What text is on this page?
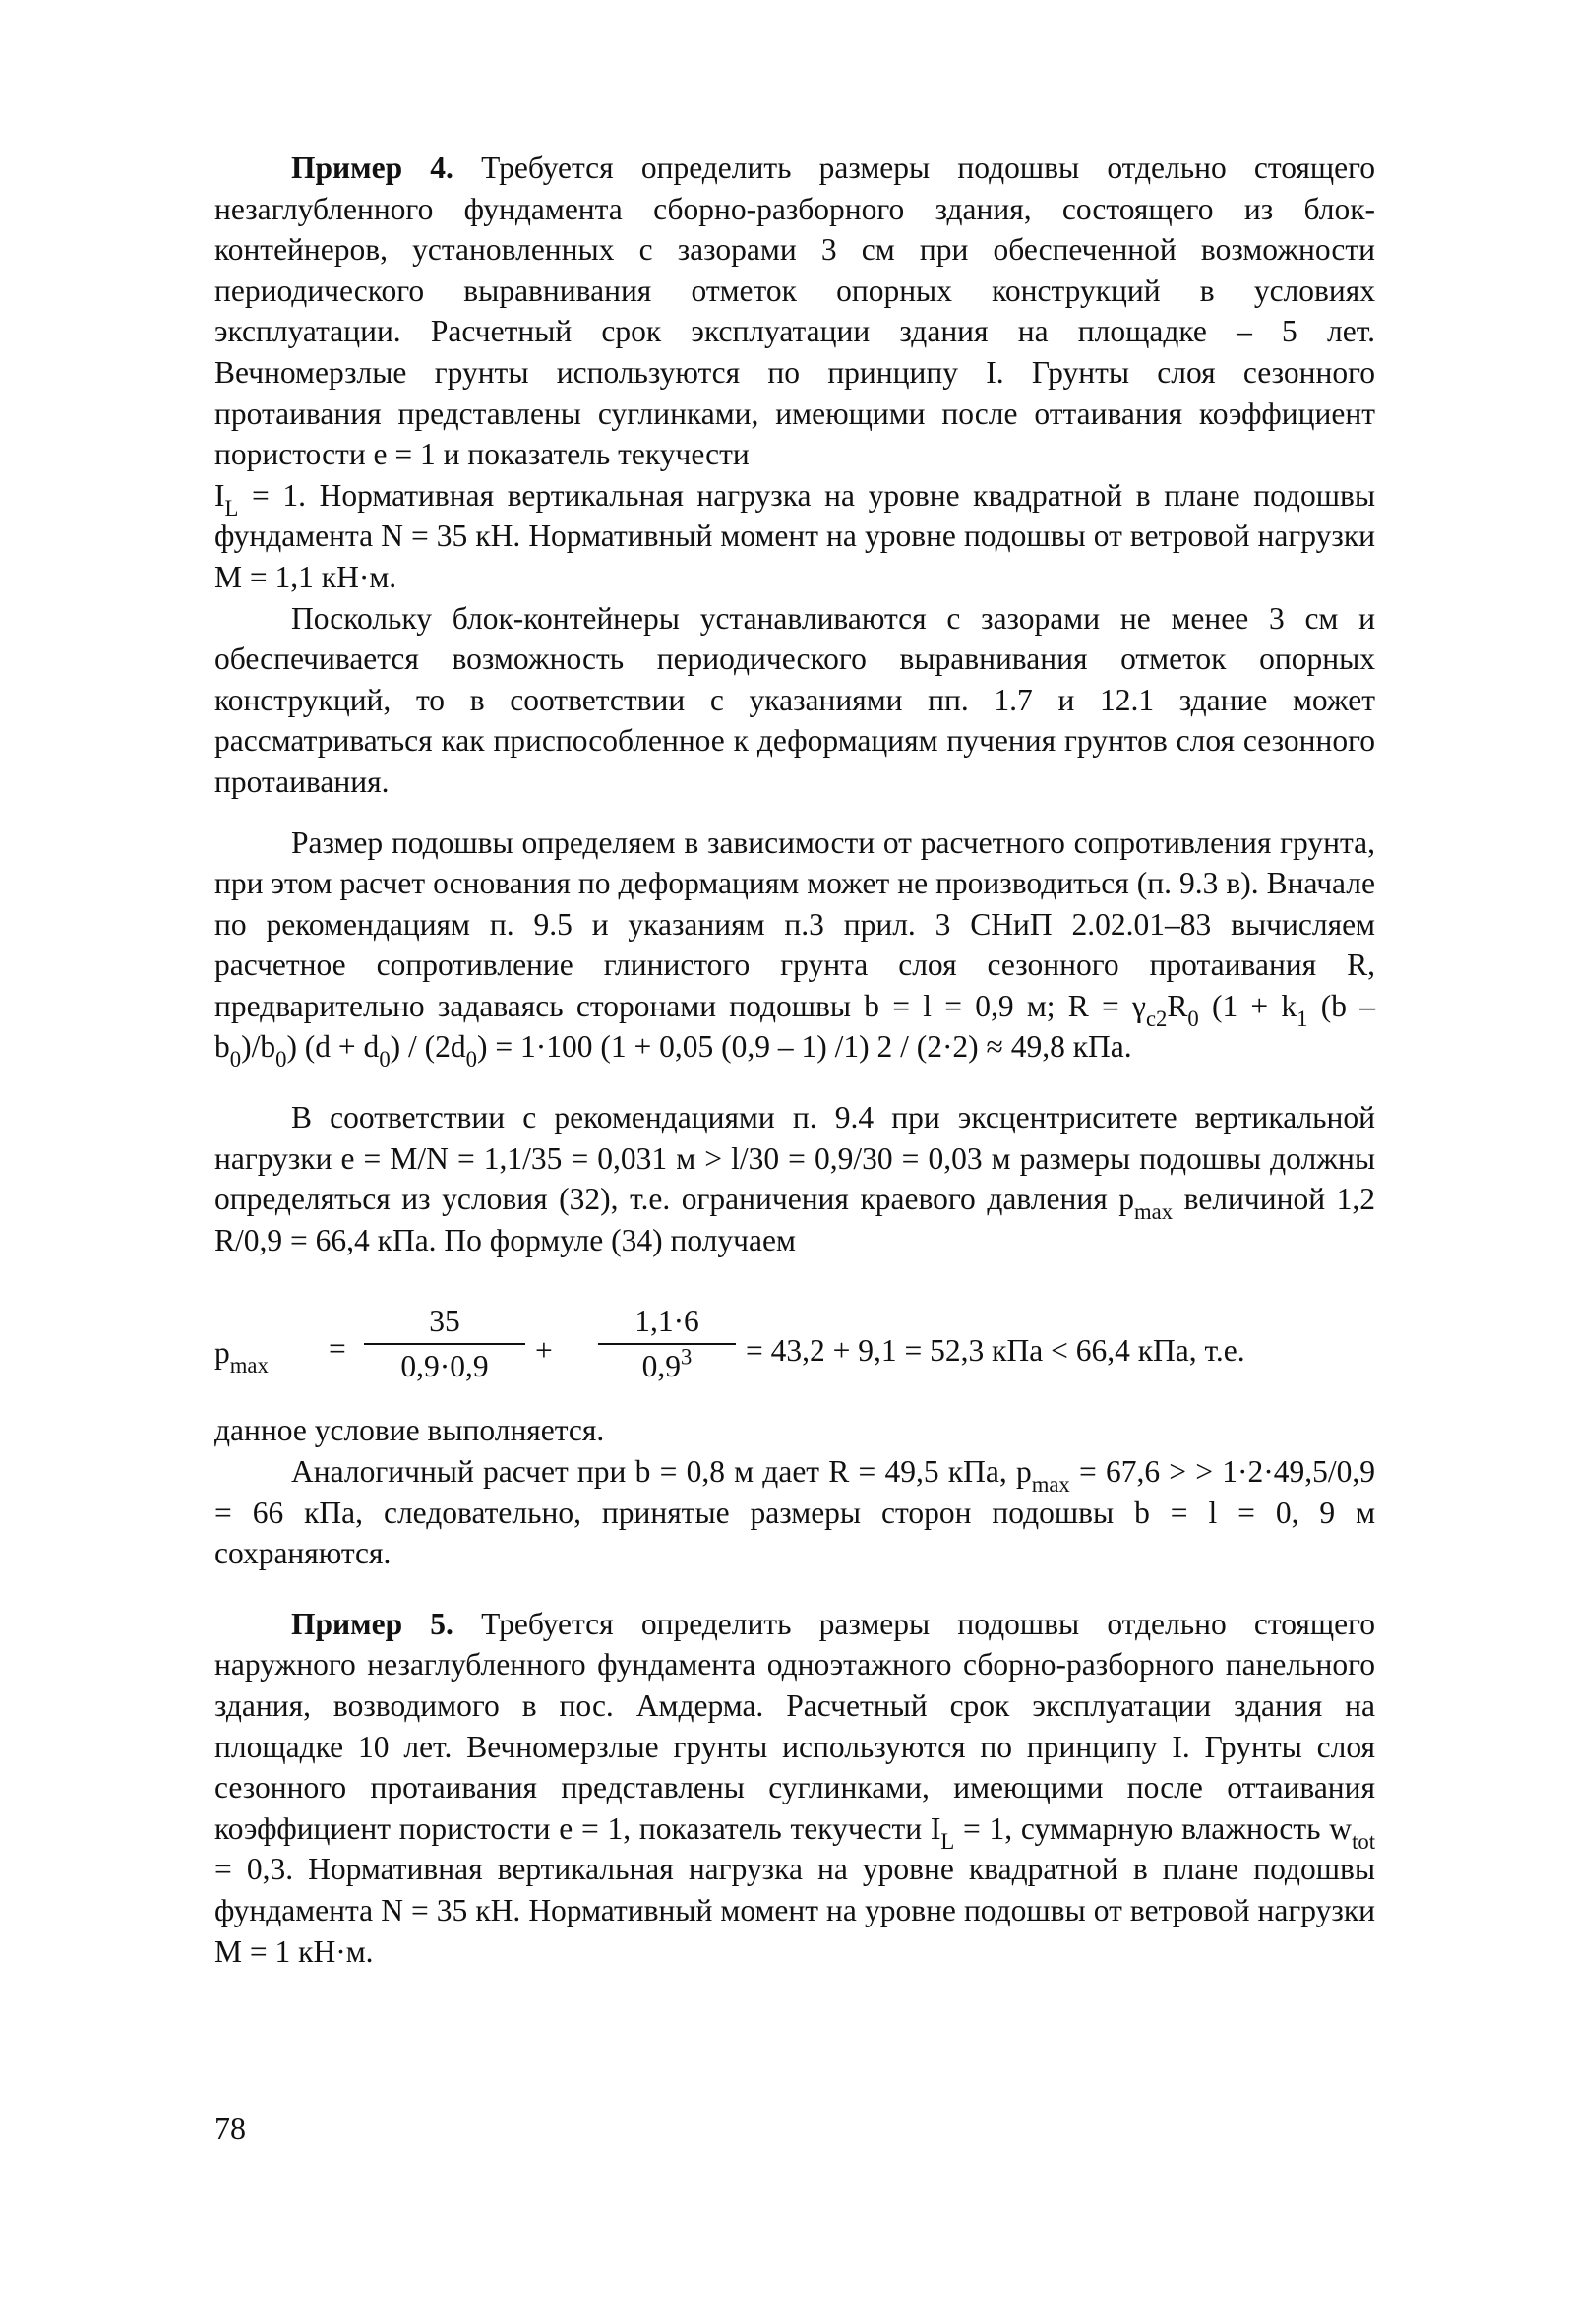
Пример 4. Требуется определить размеры подошвы отдельно стоящего незаглубленного фундамента сборно-разборного здания, состоящего из блок-контейнеров, установленных с зазорами 3 см при обеспеченной возможности периодического выравнивания отметок опорных конструкций в условиях эксплуатации. Расчетный срок эксплуатации здания на площадке – 5 лет. Вечномерзлые грунты используются по принципу I. Грунты слоя сезонного протаивания представлены суглинками, имеющими после оттаивания коэффициент пористости e = 1 и показатель текучести
$I_L = 1$. Нормативная вертикальная нагрузка на уровне квадратной в плане подошвы фундамента N = 35 кН. Нормативный момент на уровне подошвы от ветровой нагрузки M = 1,1 кН·м.

Поскольку блок-контейнеры устанавливаются с зазорами не менее 3 см и обеспечивается возможность периодического выравнивания отметок опорных конструкций, то в соответствии с указаниями пп. 1.7 и 12.1 здание может рассматриваться как приспособленное к деформациям пучения грунтов слоя сезонного протаивания.

Размер подошвы определяем в зависимости от расчетного сопротивления грунта, при этом расчет основания по деформациям может не производиться (п. 9.3 в). Вначале по рекомендациям п. 9.5 и указаниям п.3 прил. 3 СНиП 2.02.01–83 вычисляем расчетное сопротивление глинистого грунта слоя сезонного протаивания R, предварительно задаваясь сторонами подошвы b = l = 0,9 м; $R = \gamma_{c2}R_0$ ($1 + k_1$ $(b - b_0)/b_0$) $(d + d_0) / (2d_0) = 1\cdot 100$ (1 + 0,05 (0,9 – 1) /1) 2 / (2·2) ≈ 49,8 кПа.

В соответствии с рекомендациями п. 9.4 при эксцентриситете вертикальной нагрузки e = M/N = 1,1/35 = 0,031 м > l/30 = 0,9/30 = 0,03 м размеры подошвы должны определяться из условия (32), т.е. ограничения краевого давления $p_{max}$ величиной 1,2 R/0,9 = 66,4 кПа. По формуле (34) получаем

$p_{max} = \frac{35}{0,9\cdot 0,9} + \frac{1,1\cdot 6}{0,9^3} = 43,2 + 9,1 = 52,3$ кПа < 66,4 кПа, т.е.

данное условие выполняется.

Аналогичный расчет при b = 0,8 м дает R = 49,5 кПа, $p_{max} = 67,6$ > > 1·2·49,5/0,9 = 66 кПа, следовательно, принятые размеры сторон подошвы b = l = 0, 9 м сохраняются.

Пример 5. Требуется определить размеры подошвы отдельно стоящего наружного незаглубленного фундамента одноэтажного сборно-разборного панельного здания, возводимого в пос. Амдерма. Расчетный срок эксплуатации здания на площадке 10 лет. Вечномерзлые грунты используются по принципу I. Грунты слоя сезонного протаивания представлены суглинками, имеющими после оттаивания коэффициент пористости e = 1, показатель текучести $I_L = 1$, суммарную влажность $w_{tot} = 0,3$. Нормативная вертикальная нагрузка на уровне квадратной в плане подошвы фундамента N = 35 кН. Нормативный момент на уровне подошвы от ветровой нагрузки M = 1 кН·м.

78
